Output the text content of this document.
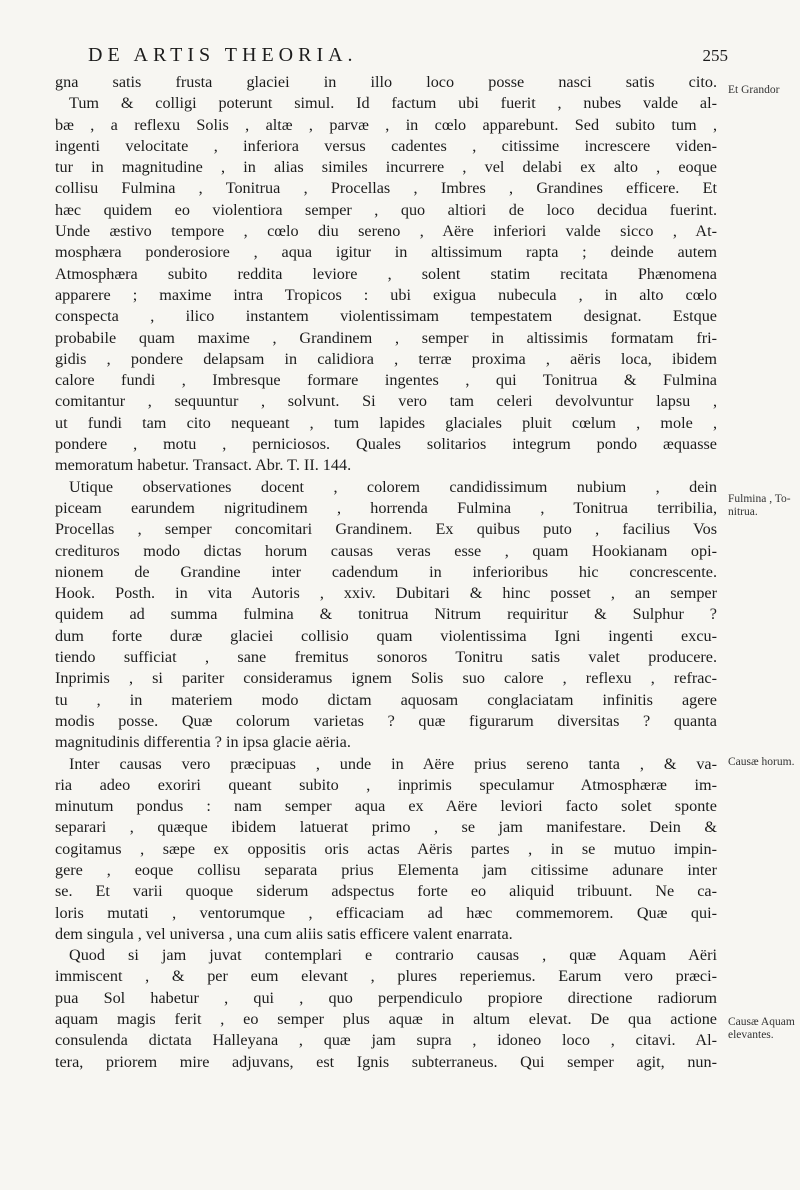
DE ARTIS THEORIA.	255
gna satis frusta glaciei in illo loco posse nasci satis cito.
Tum & colligi poterunt simul. Id factum ubi fuerit , nubes valde al-
bæ , a reflexu Solis , altæ , parvæ , in cœlo apparebunt. Sed subito tum ,
ingenti velocitate , inferiora versus cadentes , citissime increscere viden-
tur in magnitudine , in alias similes incurrere , vel delabi ex alto , eoque
collisu Fulmina , Tonitrua , Procellas , Imbres , Grandines efficere. Et
hæc quidem eo violentiora semper , quo altiori de loco decidua fuerint.
Unde æstivo tempore , cœlo diu sereno , Aëre inferiori valde sicco , At-
mosphæra ponderosiore , aqua igitur in altissimum rapta ; deinde autem
Atmosphæra subito reddita leviore , solent statim recitata Phænomena
apparere ; maxime intra Tropicos : ubi exigua nubecula , in alto cœlo
conspecta , ilico instantem violentissimam tempestatem designat. Estque
probabile quam maxime , Grandinem , semper in altissimis formatam fri-
gidis , pondere delapsam in calidiora , terræ proxima , aëris loca, ibidem
calore fundi , Imbresque formare ingentes , qui Tonitrua & Fulmina
comitantur , sequuntur , solvunt. Si vero tam celeri devolvuntur lapsu ,
ut fundi tam cito nequeant , tum lapides glaciales pluit cœlum , mole ,
pondere , motu , perniciosos. Quales solitarios integrum pondo æquasse
memoratum habetur. Transact. Abr. T. II. 144.
Utique observationes docent , colorem candidissimum nubium , dein
piceam earundem nigritudinem , horrenda Fulmina , Tonitrua terribilia,
Procellas , semper concomitari Grandinem. Ex quibus puto , facilius Vos
credituros modo dictas horum causas veras esse , quam Hookianam opi-
nionem de Grandine inter cadendum in inferioribus hic concrescente.
Hook. Posth. in vita Autoris , xxiv. Dubitari & hinc posset , an semper
quidem ad summa fulmina & tonitrua Nitrum requiritur & Sulphur ?
dum forte duræ glaciei collisio quam violentissima Igni ingenti excu-
tiendo sufficiat , sane fremitus sonoros Tonitru satis valet producere.
Inprimis , si pariter consideramus ignem Solis suo calore , reflexu , refrac-
tu , in materiem modo dictam aquosam conglaciatam infinitis agere
modis posse. Quæ colorum varietas ? quæ figurarum diversitas ? quanta
magnitudinis differentia ? in ipsa glacie aëria.
Inter causas vero præcipuas , unde in Aëre prius sereno tanta , & va-
ria adeo exoriri queant subito , inprimis speculamur Atmosphæræ im-
minutum pondus : nam semper aqua ex Aëre leviori facto solet sponte
separari , quæque ibidem latuerat primo , se jam manifestare. Dein &
cogitamus , sæpe ex oppositis oris actas Aëris partes , in se mutuo impin-
gere , eoque collisu separata prius Elementa jam citissime adunare inter
se. Et varii quoque siderum adspectus forte eo aliquid tribuunt. Ne ca-
loris mutati , ventorumque , efficaciam ad hæc commemorem. Quæ qui-
dem singula , vel universa , una cum aliis satis efficere valent enarrata.
Quod si jam juvat contemplari e contrario causas , quæ Aquam Aëri
immiscent , & per eum elevant , plures reperiemus. Earum vero præci-
pua Sol habetur , qui , quo perpendiculo propiore directione radiorum
aquam magis ferit , eo semper plus aquæ in altum elevat. De qua actione
consulenda dictata Halleyana , quæ jam supra , idoneo loco , citavi. Al-
tera, priorem mire adjuvans, est Ignis subterraneus. Qui semper agit, nun-
Et Grandor
Fulmina , To-nitrua.
Causæ horum.
Causæ Aquam elevantes.
